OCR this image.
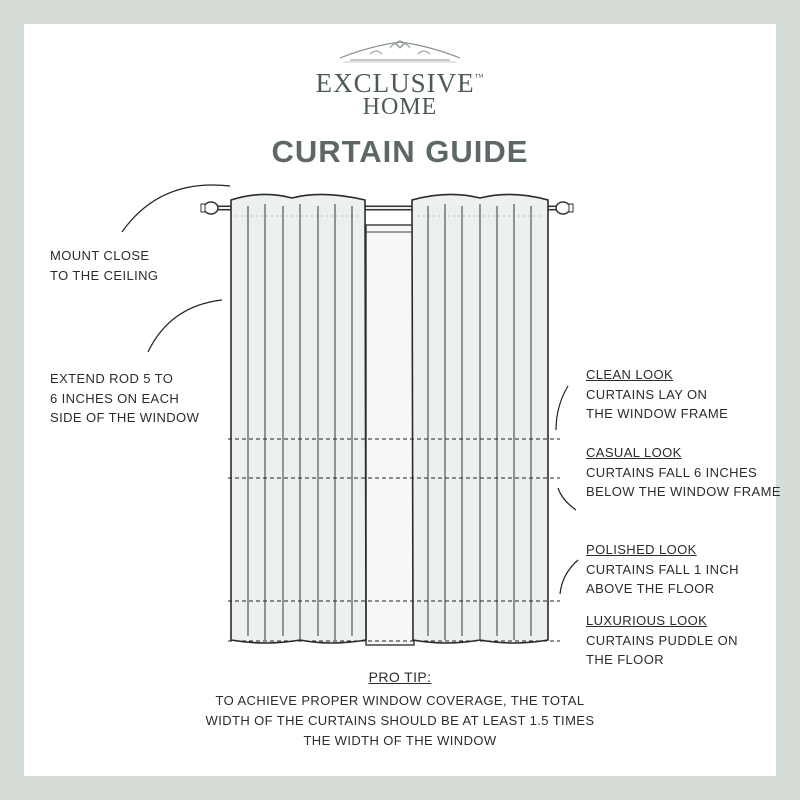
EXCLUSIVE™
HOME
CURTAIN GUIDE
MOUNT CLOSE
TO THE CEILING
EXTEND ROD 5 TO
6 INCHES ON EACH
SIDE OF THE WINDOW
CLEAN LOOK
CURTAINS LAY ON
THE WINDOW FRAME
CASUAL LOOK
CURTAINS FALL 6 INCHES
BELOW THE WINDOW FRAME
POLISHED LOOK
CURTAINS FALL 1 INCH
ABOVE THE FLOOR
LUXURIOUS LOOK
CURTAINS PUDDLE ON
THE FLOOR
PRO TIP:
TO ACHIEVE PROPER WINDOW COVERAGE, THE TOTAL
WIDTH OF THE CURTAINS SHOULD BE AT LEAST 1.5 TIMES
THE WIDTH OF THE WINDOW
